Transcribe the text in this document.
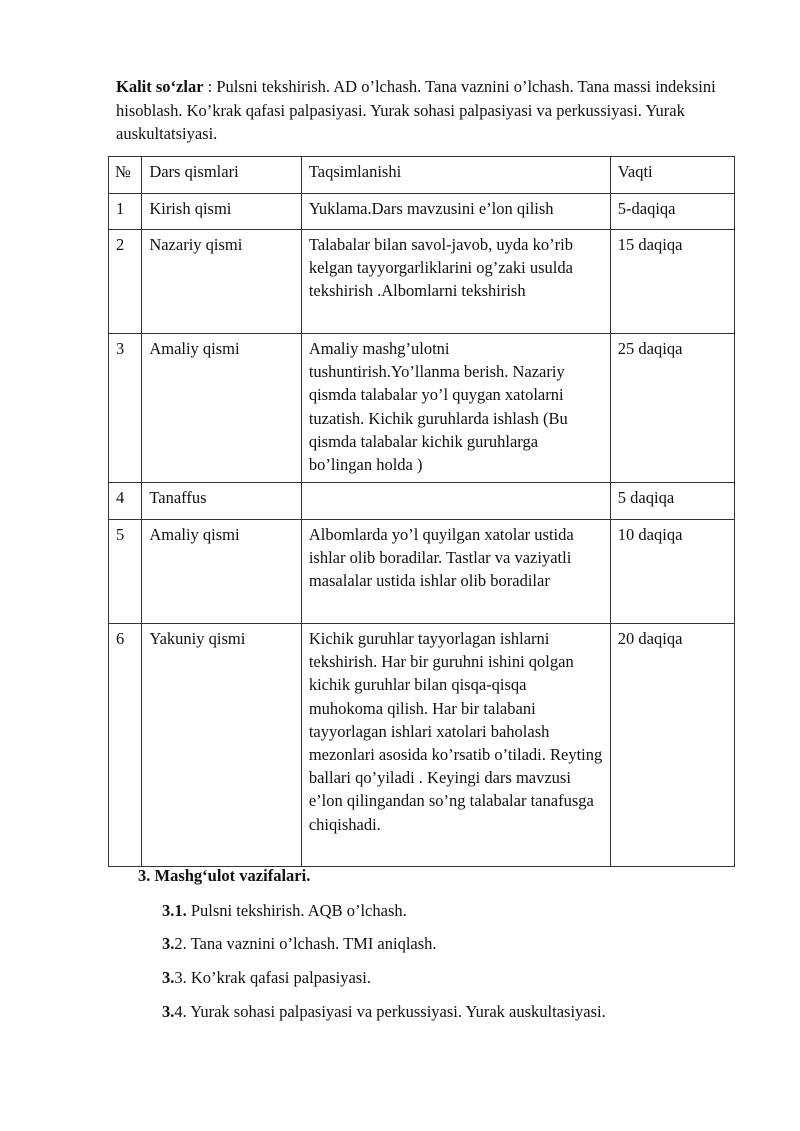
Kalit so‘zlar : Pulsni tekshirish. AD o’lchash. Tana vaznini o’lchash. Tana massi indeksini hisoblash. Ko’krak qafasi palpasiyasi. Yurak sohasi palpasiyasi va perkussiyasi. Yurak auskultatsiyasi.
№	Dars qismlari	Taqsimlanishi	Vaqti
1	Kirish qismi	Yuklama.Dars mavzusini e’lon qilish	5-daqiqa
2	Nazariy qismi	Talabalar bilan savol-javob, uyda ko’rib kelgan tayyorgarliklarini og’zaki usulda tekshirish .Albomlarni tekshirish	15 daqiqa
3	Amaliy qismi	Amaliy mashg’ulotni tushuntirish.Yo’llanma berish. Nazariy qismda talabalar yo’l quygan xatolarni tuzatish. Kichik guruhlarda ishlash (Bu qismda talabalar kichik guruhlarga bo’lingan holda )	25 daqiqa
4	Tanaffus		5 daqiqa
5	Amaliy qismi	Albomlarda yo’l quyilgan xatolar ustida ishlar olib boradilar. Tastlar va vaziyatli masalalar ustida ishlar olib boradilar	10 daqiqa
6	Yakuniy qismi	Kichik guruhlar tayyorlagan ishlarni tekshirish. Har bir guruhni ishini qolgan kichik guruhlar bilan qisqa-qisqa muhokoma qilish. Har bir talabani tayyorlagan ishlari xatolari baholash mezonlari asosida ko’rsatib o’tiladi. Reyting ballari qo’yiladi . Keyingi dars mavzusi e’lon qilingandan so’ng talabalar tanafusga chiqishadi.	20 daqiqa
3. Mashg‘ulot vazifalari.
3.1. Pulsni tekshirish. AQB o’lchash.
3.2. Tana vaznini o’lchash. TMI aniqlash.
3.3. Ko’krak qafasi palpasiyasi.
3.4. Yurak sohasi palpasiyasi va perkussiyasi. Yurak auskultasiyasi.
